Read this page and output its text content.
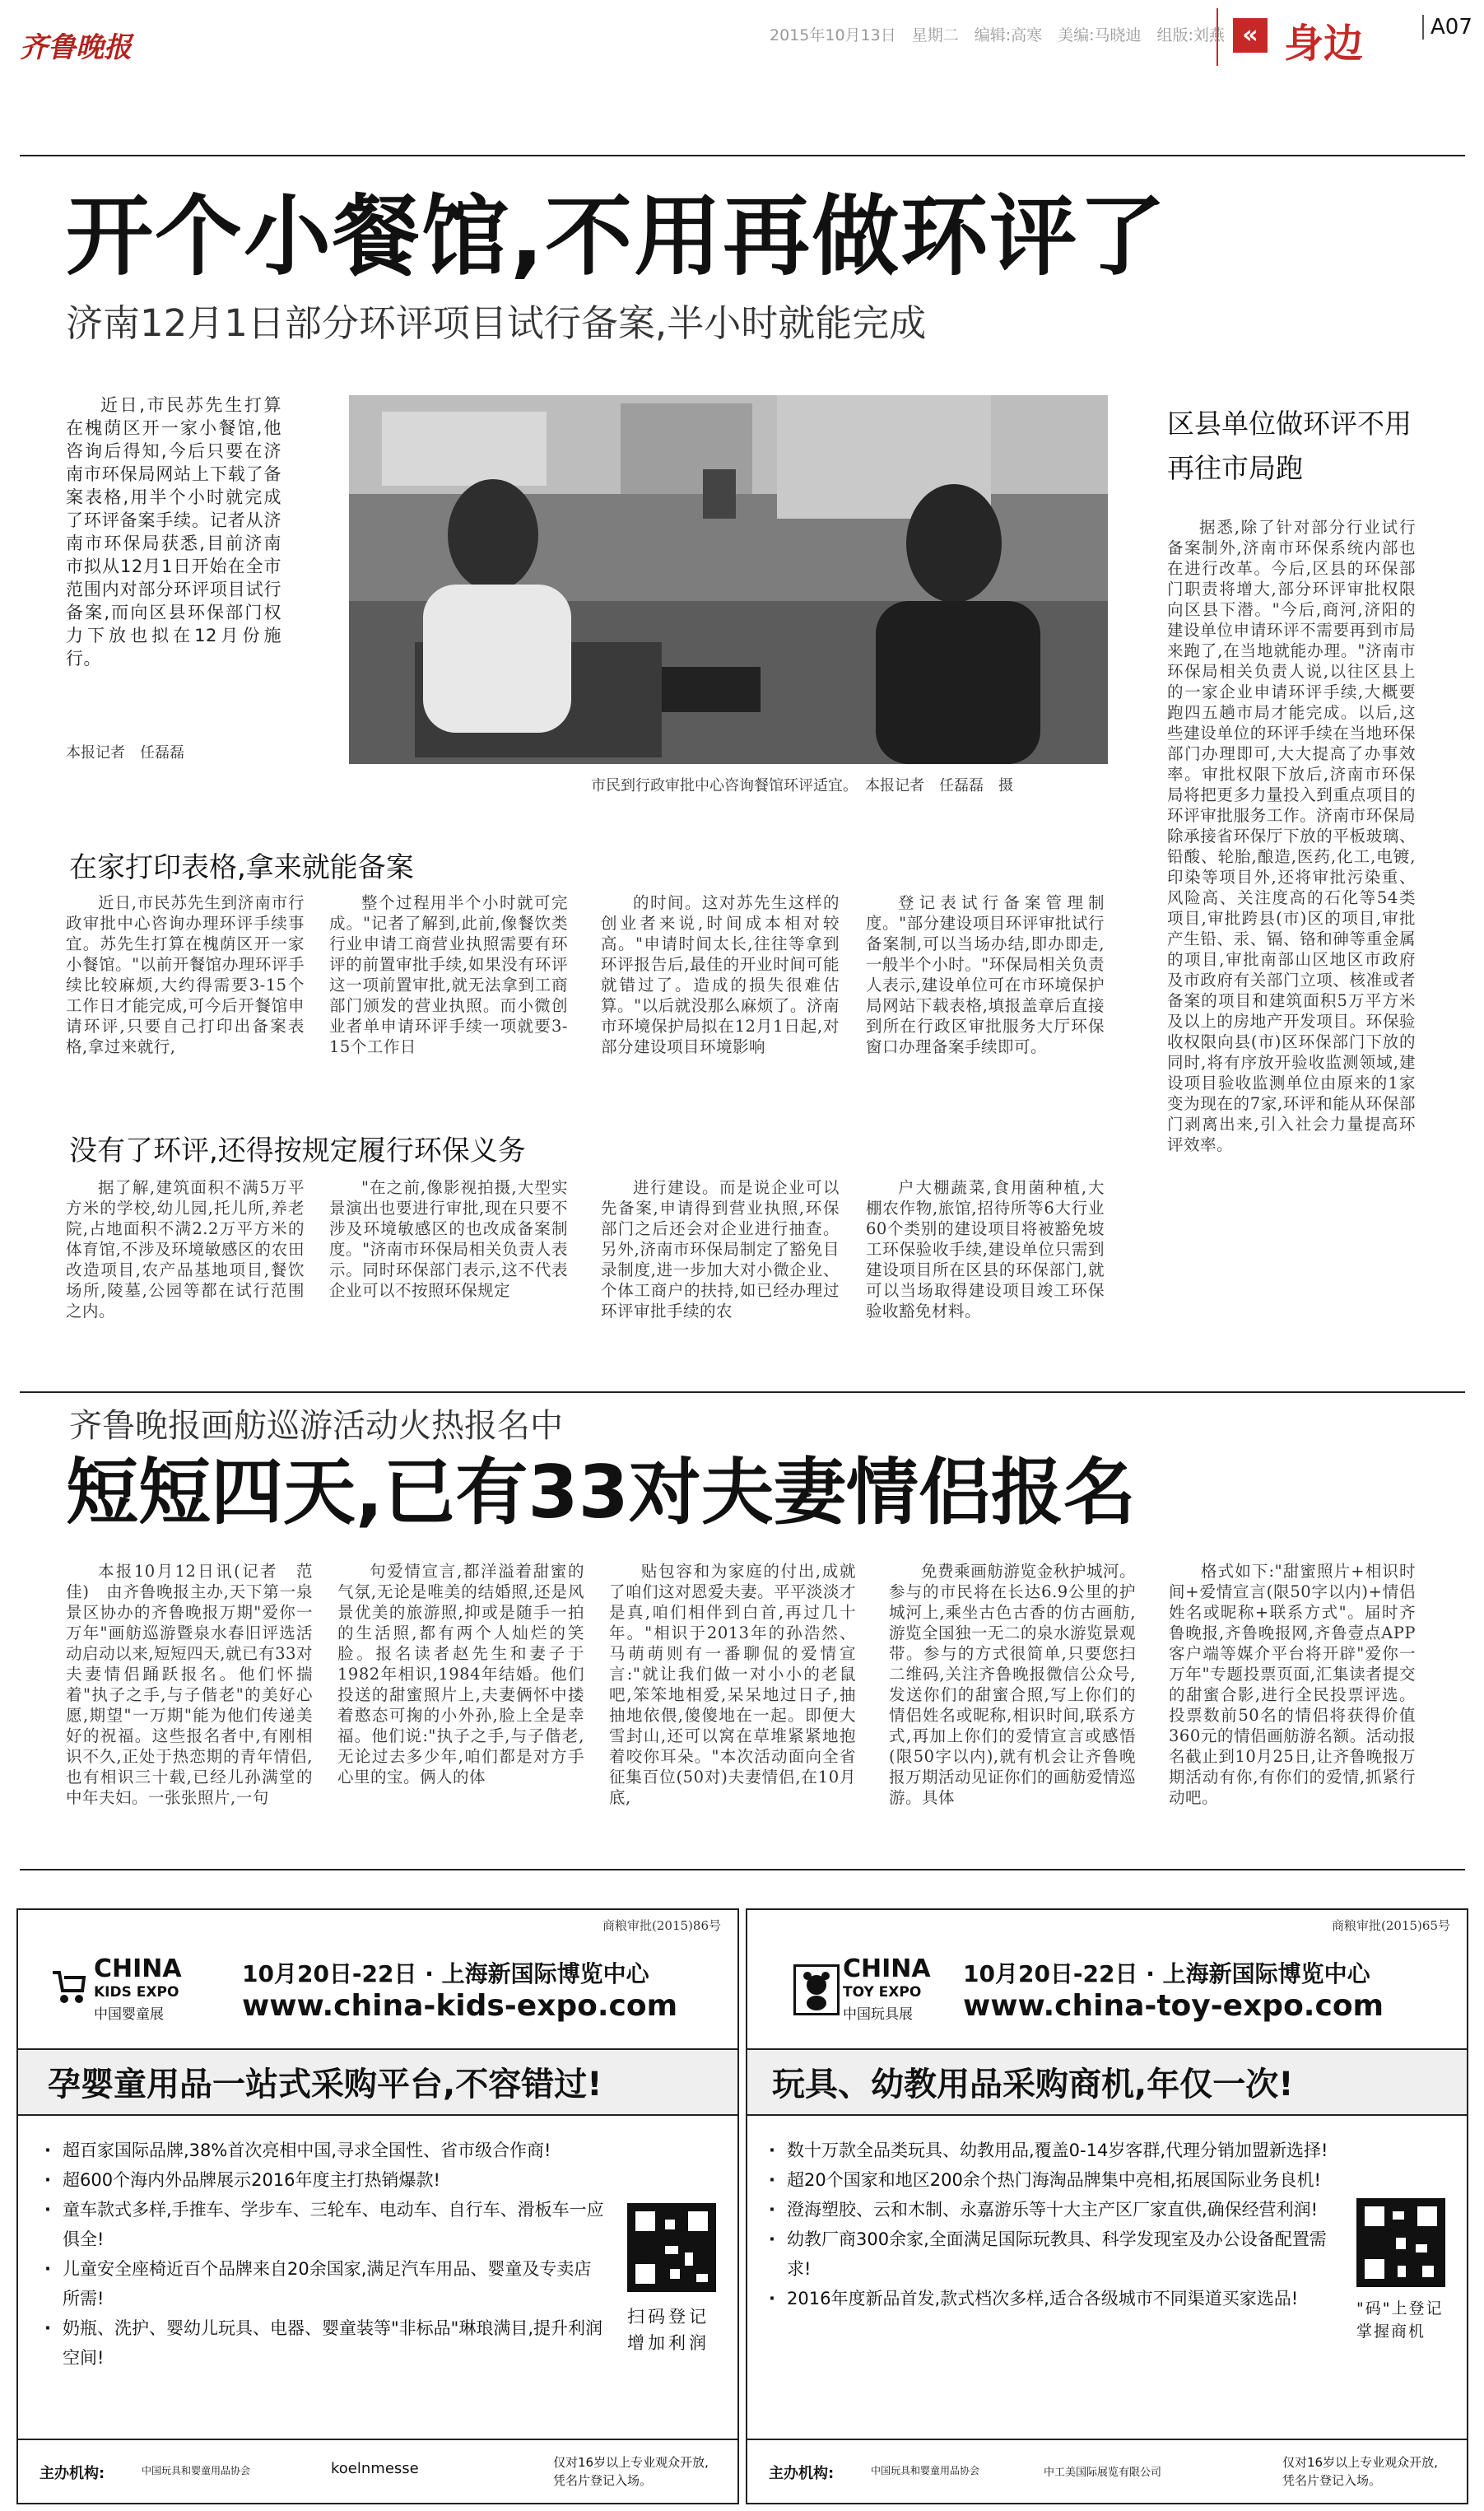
齐鲁晚报	2015年10月13日　星期二　编辑:高寒　美编:马晓迪　组版:刘燕 « 身边	A07
开个小餐馆,不用再做环评了
济南12月1日部分环评项目试行备案,半小时就能完成

近日,市民苏先生打算在槐荫区开一家小餐馆,他咨询后得知,今后只要在济南市环保局网站上下载了备案表格,用半个小时就完成了环评备案手续。记者从济南市环保局获悉,目前济南市拟从12月1日开始在全市范围内对部分环评项目试行备案,而向区县环保部门权力下放也拟在12月份施行。

本报记者　任磊磊
市民到行政审批中心咨询餐馆环评适宜。　本报记者　任磊磊　摄
区县单位做环评不用再往市局跑

据悉,除了针对部分行业试行备案制外,济南市环保系统内部也在进行改革。今后,区县的环保部门职责将增大,部分环评审批权限向区县下潜。"今后,商河,济阳的建设单位申请环评不需要再到市局来跑了,在当地就能办理。"济南市环保局相关负责人说,以往区县上的一家企业申请环评手续,大概要跑四五趟市局才能完成。以后,这些建设单位的环评手续在当地环保部门办理即可,大大提高了办事效率。审批权限下放后,济南市环保局将把更多力量投入到重点项目的环评审批服务工作。济南市环保局除承接省环保厅下放的平板玻璃、铅酸、轮胎,酿造,医药,化工,电镀,印染等项目外,还将审批污染重、风险高、关注度高的石化等54类项目,审批跨县(市)区的项目,审批产生铅、汞、镉、铬和砷等重金属的项目,审批南部山区地区市政府及市政府有关部门立项、核准或者备案的项目和建筑面积5万平方米及以上的房地产开发项目。环保验收权限向县(市)区环保部门下放的同时,将有序放开验收监测领域,建设项目验收监测单位由原来的1家变为现在的7家,环评和能从环保部门剥离出来,引入社会力量提高环评效率。

在家打印表格,拿来就能备案

近日,市民苏先生到济南市行政审批中心咨询办理环评手续事宜。苏先生打算在槐荫区开一家小餐馆。"以前开餐馆办理环评手续比较麻烦,大约得需要3-15个工作日才能完成,可今后开餐馆申请环评,只要自己打印出备案表格,拿过来就行,

整个过程用半个小时就可完成。"记者了解到,此前,像餐饮类行业申请工商营业执照需要有环评的前置审批手续,如果没有环评这一项前置审批,就无法拿到工商部门颁发的营业执照。而小微创业者单申请环评手续一项就要3-15个工作日

的时间。这对苏先生这样的创业者来说,时间成本相对较高。"申请时间太长,往往等拿到环评报告后,最佳的开业时间可能就错过了。造成的损失很难估算。"以后就没那么麻烦了。济南市环境保护局拟在12月1日起,对部分建设项目环境影响

登记表试行备案管理制度。"部分建设项目环评审批试行备案制,可以当场办结,即办即走,一般半个小时。"环保局相关负责人表示,建设单位可在市环境保护局网站下载表格,填报盖章后直接到所在行政区审批服务大厅环保窗口办理备案手续即可。

没有了环评,还得按规定履行环保义务

据了解,建筑面积不满5万平方米的学校,幼儿园,托儿所,养老院,占地面积不满2.2万平方米的体育馆,不涉及环境敏感区的农田改造项目,农产品基地项目,餐饮场所,陵墓,公园等都在试行范围之内。

"在之前,像影视拍摄,大型实景演出也要进行审批,现在只要不涉及环境敏感区的也改成备案制度。"济南市环保局相关负责人表示。同时环保部门表示,这不代表企业可以不按照环保规定

进行建设。而是说企业可以先备案,申请得到营业执照,环保部门之后还会对企业进行抽查。另外,济南市环保局制定了豁免目录制度,进一步加大对小微企业、个体工商户的扶持,如已经办理过环评审批手续的农

户大棚蔬菜,食用菌种植,大棚农作物,旅馆,招待所等6大行业60个类别的建设项目将被豁免坡工环保验收手续,建设单位只需到建设项目所在区县的环保部门,就可以当场取得建设项目竣工环保验收豁免材料。

齐鲁晚报画舫巡游活动火热报名中
短短四天,已有33对夫妻情侣报名

本报10月12日讯(记者　范佳)　由齐鲁晚报主办,天下第一泉景区协办的齐鲁晚报万期"爱你一万年"画舫巡游暨泉水春旧评选活动启动以来,短短四天,就已有33对夫妻情侣踊跃报名。他们怀揣着"执子之手,与子偕老"的美好心愿,期望"一万期"能为他们传递美好的祝福。这些报名者中,有刚相识不久,正处于热恋期的青年情侣,也有相识三十载,已经儿孙满堂的中年夫妇。一张张照片,一句

句爱情宣言,都洋溢着甜蜜的气氛,无论是唯美的结婚照,还是风景优美的旅游照,抑或是随手一拍的生活照,都有两个人灿烂的笑脸。报名读者赵先生和妻子于1982年相识,1984年结婚。他们投送的甜蜜照片上,夫妻俩怀中搂着憨态可掬的小外孙,脸上全是幸福。他们说:"执子之手,与子偕老,无论过去多少年,咱们都是对方手心里的宝。俩人的体

贴包容和为家庭的付出,成就了咱们这对恩爱夫妻。平平淡淡才是真,咱们相伴到白首,再过几十年。"相识于2013年的孙浩然、马萌萌则有一番聊侃的爱情宣言:"就让我们做一对小小的老鼠吧,笨笨地相爱,呆呆地过日子,抽抽地依偎,傻傻地在一起。即便大雪封山,还可以窝在草堆紧紧地抱着咬你耳朵。"本次活动面向全省征集百位(50对)夫妻情侣,在10月底,

免费乘画舫游览金秋护城河。参与的市民将在长达6.9公里的护城河上,乘坐古色古香的仿古画舫,游览全国独一无二的泉水游览景观带。参与的方式很简单,只要您扫二维码,关注齐鲁晚报微信公众号,发送你们的甜蜜合照,写上你们的情侣姓名或昵称,相识时间,联系方式,再加上你们的爱情宣言或感悟(限50字以内),就有机会让齐鲁晚报万期活动见证你们的画舫爱情巡游。具体

格式如下:"甜蜜照片+相识时间+爱情宣言(限50字以内)+情侣姓名或昵称+联系方式"。届时齐鲁晚报,齐鲁晚报网,齐鲁壹点APP客户端等媒介平台将开辟"爱你一万年"专题投票页面,汇集读者提交的甜蜜合影,进行全民投票评选。投票数前50名的情侣将获得价值360元的情侣画舫游名额。活动报名截止到10月25日,让齐鲁晚报万期活动有你,有你们的爱情,抓紧行动吧。

商粮审批(2015)86号
CHINA
KIDS EXPO
中国婴童展
10月20日-22日 · 上海新国际博览中心
www.china-kids-expo.com
孕婴童用品一站式采购平台,不容错过!
· 超百家国际品牌,38%首次亮相中国,寻求全国性、省市级合作商!
· 超600个海内外品牌展示2016年度主打热销爆款!
· 童车款式多样,手推车、学步车、三轮车、电动车、自行车、滑板车一应俱全!
· 儿童安全座椅近百个品牌来自20余国家,满足汽车用品、婴童及专卖店所需!
· 奶瓶、洗护、婴幼儿玩具、电器、婴童装等"非标品"琳琅满目,提升利润空间!
扫码登记增加利润
主办机构:	中国玩具和婴童用品协会	koelnmesse	仅对16岁以上专业观众开放,凭名片登记入场。
商粮审批(2015)65号
CHINA
TOY EXPO
中国玩具展
10月20日-22日 · 上海新国际博览中心
www.china-toy-expo.com
玩具、幼教用品采购商机,年仅一次!
· 数十万款全品类玩具、幼教用品,覆盖0-14岁客群,代理分销加盟新选择!
· 超20个国家和地区200余个热门海淘品牌集中亮相,拓展国际业务良机!
· 澄海塑胶、云和木制、永嘉游乐等十大主产区厂家直供,确保经营利润!
· 幼教厂商300余家,全面满足国际玩教具、科学发现室及办公设备配置需求!
· 2016年度新品首发,款式档次多样,适合各级城市不同渠道买家选品!	"码"上登记掌握商机
主办机构:	中国玩具和婴童用品协会	中工美国际展览有限公司
仅对16岁以上专业观众开放,凭名片登记入场。
